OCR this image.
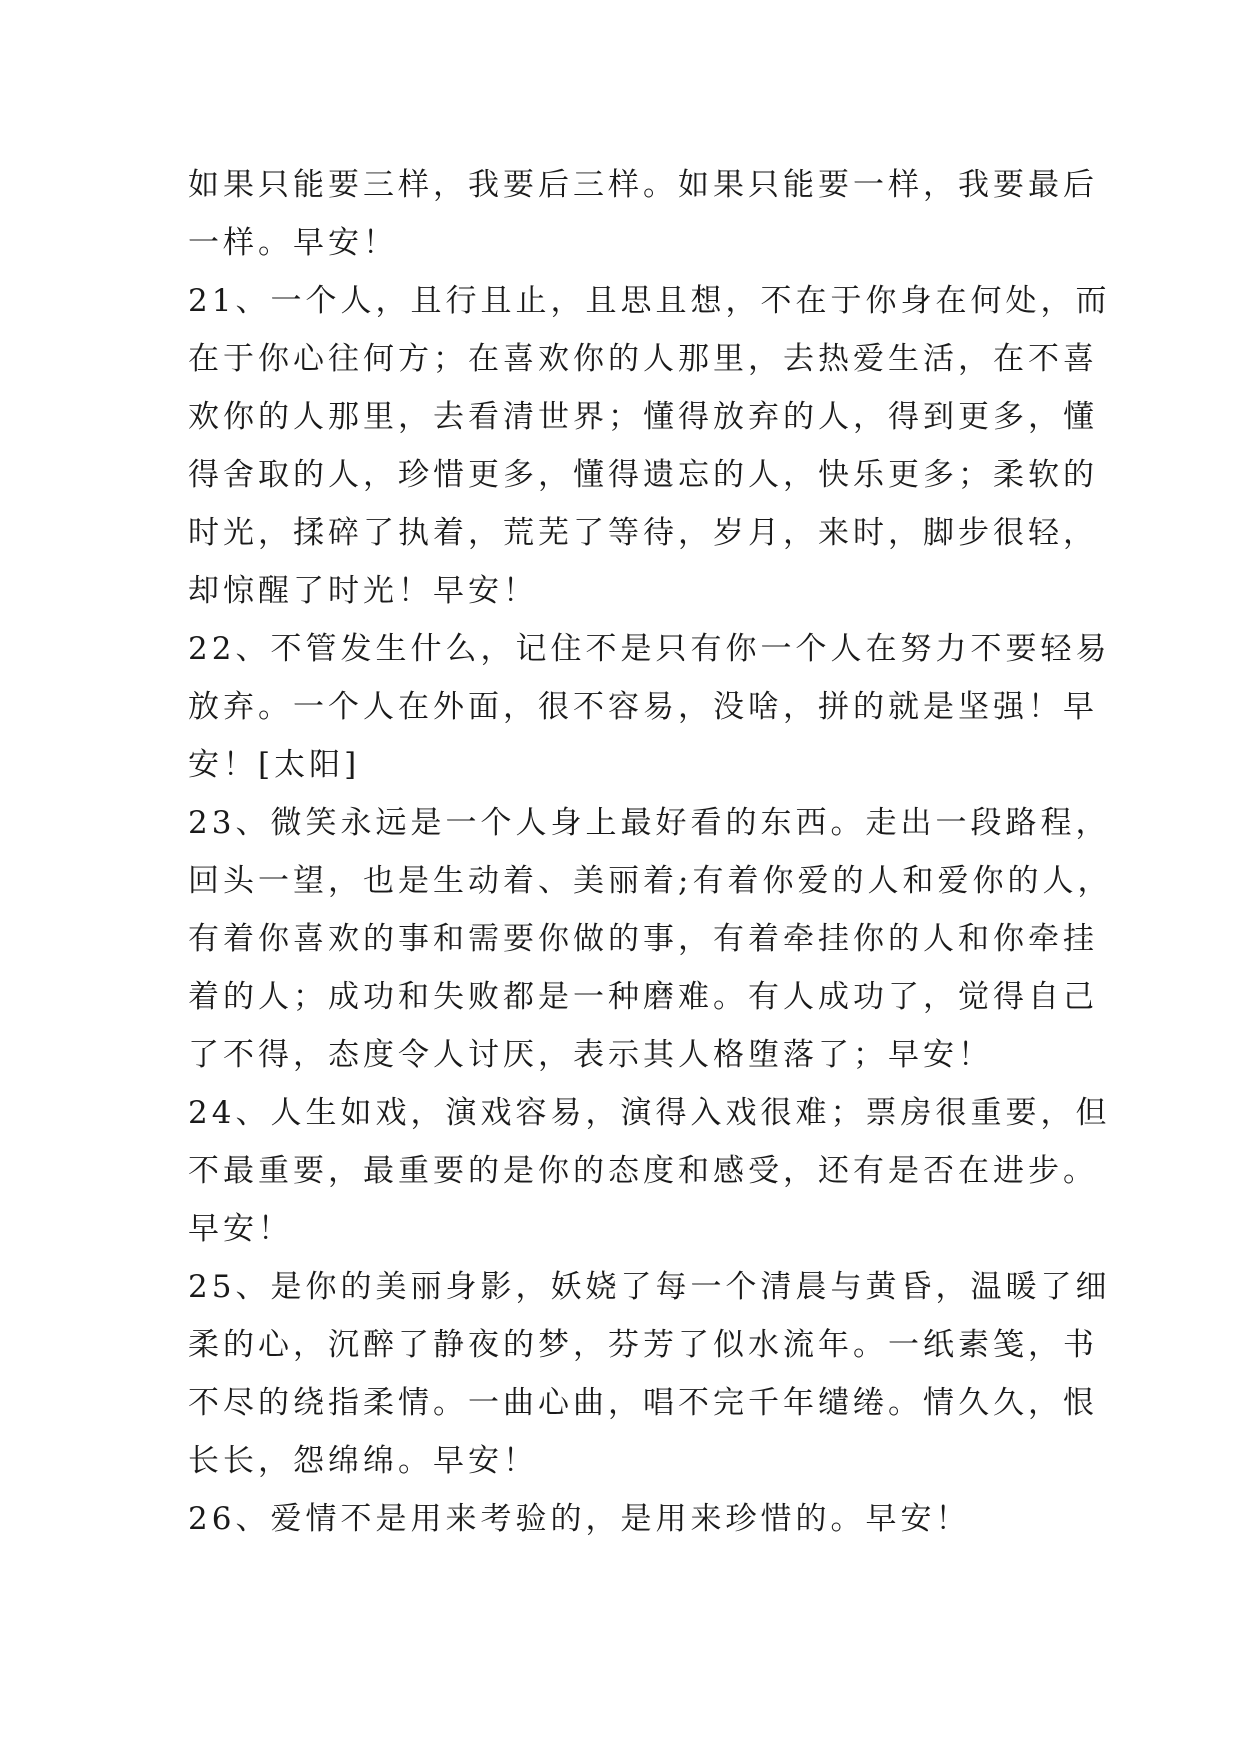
如果只能要三样，我要后三样。如果只能要一样，我要最后
一样。早安！
21、一个人，且行且止，且思且想，不在于你身在何处，而
在于你心往何方；在喜欢你的人那里，去热爱生活，在不喜
欢你的人那里，去看清世界；懂得放弃的人，得到更多，懂
得舍取的人，珍惜更多，懂得遗忘的人，快乐更多；柔软的
时光，揉碎了执着，荒芜了等待，岁月，来时，脚步很轻，
却惊醒了时光！早安！
22、不管发生什么，记住不是只有你一个人在努力不要轻易
放弃。一个人在外面，很不容易，没啥，拼的就是坚强！早
安！[太阳]
23、微笑永远是一个人身上最好看的东西。走出一段路程，
回头一望，也是生动着、美丽着;有着你爱的人和爱你的人，
有着你喜欢的事和需要你做的事，有着牵挂你的人和你牵挂
着的人；成功和失败都是一种磨难。有人成功了，觉得自己
了不得，态度令人讨厌，表示其人格堕落了；早安！
24、人生如戏，演戏容易，演得入戏很难；票房很重要，但
不最重要，最重要的是你的态度和感受，还有是否在进步。
早安！
25、是你的美丽身影，妖娆了每一个清晨与黄昏，温暖了细
柔的心，沉醉了静夜的梦，芬芳了似水流年。一纸素笺，书
不尽的绕指柔情。一曲心曲，唱不完千年缱绻。情久久，恨
长长，怨绵绵。早安！
26、爱情不是用来考验的，是用来珍惜的。早安！
